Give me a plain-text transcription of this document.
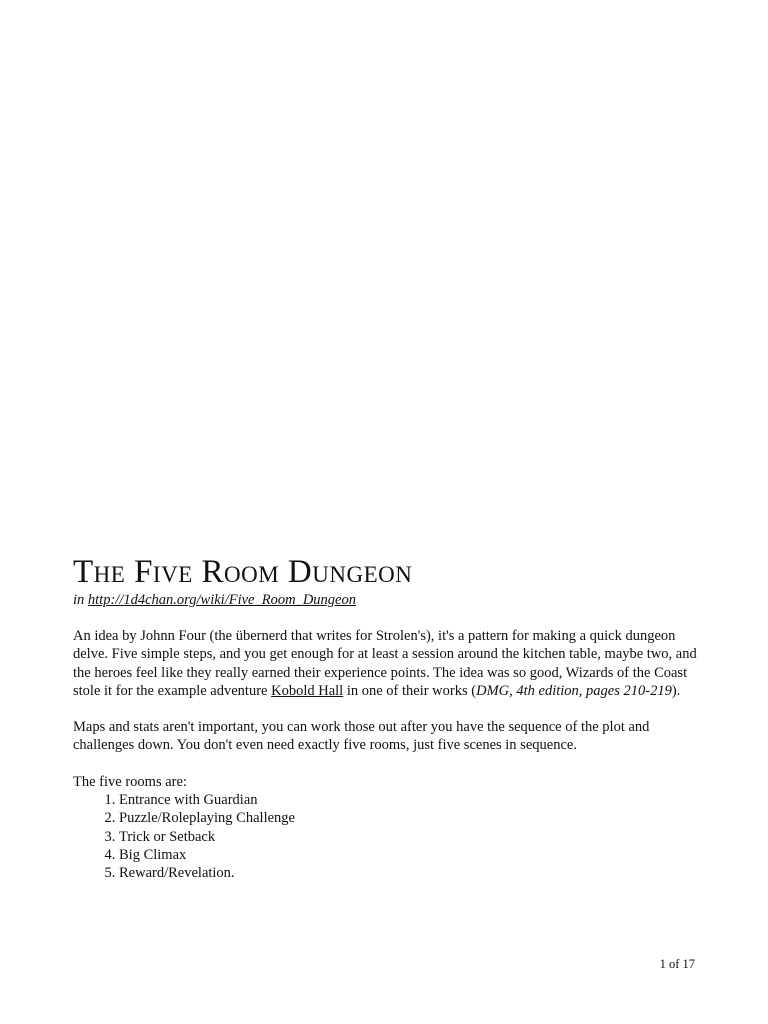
The Five Room Dungeon
in http://1d4chan.org/wiki/Five_Room_Dungeon

An idea by Johnn Four (the übernerd that writes for Strolen's), it's a pattern for making a quick dungeon delve. Five simple steps, and you get enough for at least a session around the kitchen table, maybe two, and the heroes feel like they really earned their experience points. The idea was so good, Wizards of the Coast stole it for the example adventure Kobold Hall in one of their works (DMG, 4th edition, pages 210-219).

Maps and stats aren't important, you can work those out after you have the sequence of the plot and challenges down. You don't even need exactly five rooms, just five scenes in sequence.

The five rooms are:

1. Entrance with Guardian
2. Puzzle/Roleplaying Challenge
3. Trick or Setback
4. Big Climax
5. Reward/Revelation.
1 of 17
